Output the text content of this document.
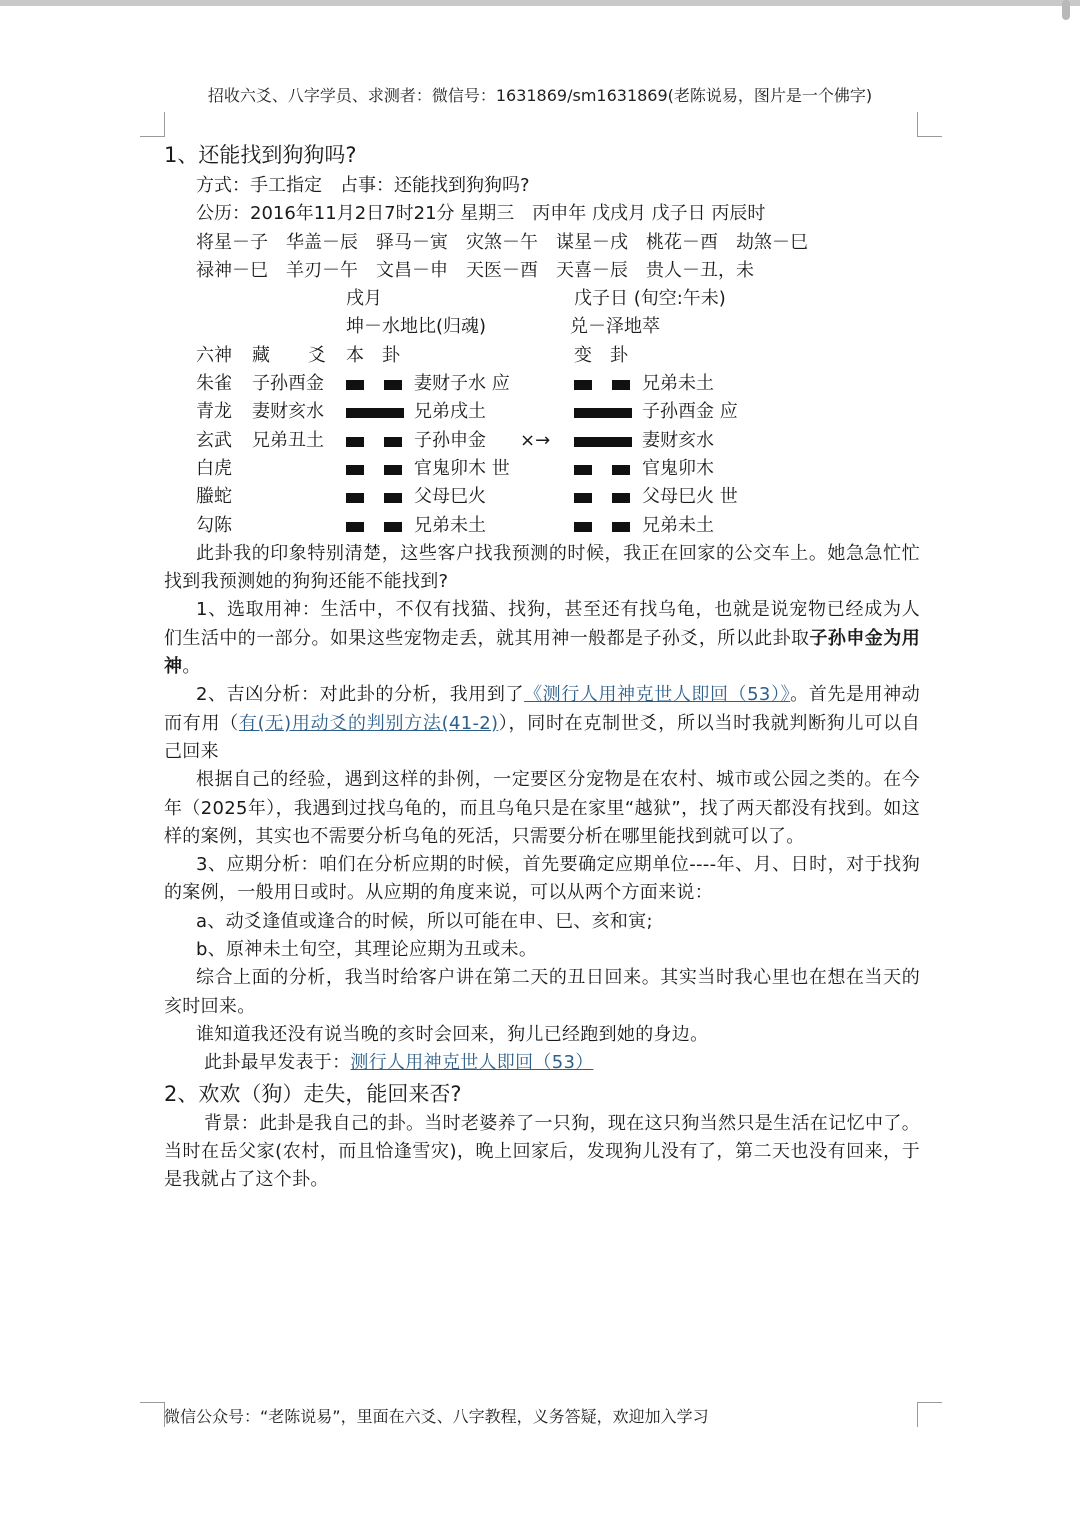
招收六爻、八字学员、求测者：微信号：1631869/sm1631869(老陈说易，图片是一个佛字)
1、还能找到狗狗吗?
方式：手工指定　占事：还能找到狗狗吗?
公历：2016年11月2日7时21分 星期三　丙申年 戊戌月 戊子日 丙辰时
将星－子　华盖－辰　驿马－寅　灾煞－午　谋星－戌　桃花－酉　劫煞－巳
禄神－巳　羊刃－午　文昌－申　天医－酉　天喜－辰　贵人－丑，未
戌月	戊子日 (旬空:午未)
坤－水地比(归魂)	兑－泽地萃
六神 藏 爻 本　卦	变　卦
朱雀 子孙酉金	妻财子水 应	兄弟未土
青龙 妻财亥水	兄弟戌土	子孙酉金 应
玄武 兄弟丑土	子孙申金 ×→	妻财亥水
白虎	官鬼卯木 世	官鬼卯木
螣蛇	父母巳火	父母巳火 世
勾陈	兄弟未土	兄弟未土

此卦我的印象特别清楚，这些客户找我预测的时候，我正在回家的公交车上。她急急忙忙找到我预测她的狗狗还能不能找到?

1、选取用神：生活中，不仅有找猫、找狗，甚至还有找乌龟，也就是说宠物已经成为人们生活中的一部分。如果这些宠物走丢，就其用神一般都是子孙爻，所以此卦取子孙申金为用神。

2、吉凶分析：对此卦的分析，我用到了《测行人用神克世人即回（53）》。首先是用神动而有用（有(无)用动爻的判别方法(41-2)），同时在克制世爻，所以当时我就判断狗儿可以自己回来

根据自己的经验，遇到这样的卦例，一定要区分宠物是在农村、城市或公园之类的。在今年（2025年），我遇到过找乌龟的，而且乌龟只是在家里“越狱”，找了两天都没有找到。如这样的案例，其实也不需要分析乌龟的死活，只需要分析在哪里能找到就可以了。

3、应期分析：咱们在分析应期的时候，首先要确定应期单位----年、月、日时，对于找狗的案例，一般用日或时。从应期的角度来说，可以从两个方面来说：

a、动爻逢值或逢合的时候，所以可能在申、巳、亥和寅;

b、原神未土旬空，其理论应期为丑或未。

综合上面的分析，我当时给客户讲在第二天的丑日回来。其实当时我心里也在想在当天的亥时回来。

谁知道我还没有说当晚的亥时会回来，狗儿已经跑到她的身边。

此卦最早发表于：测行人用神克世人即回（53）

2、欢欢（狗）走失，能回来否?

背景：此卦是我自己的卦。当时老婆养了一只狗，现在这只狗当然只是生活在记忆中了。当时在岳父家(农村，而且恰逢雪灾)，晚上回家后，发现狗儿没有了，第二天也没有回来，于是我就占了这个卦。

微信公众号：“老陈说易”，里面在六爻、八字教程，义务答疑，欢迎加入学习
